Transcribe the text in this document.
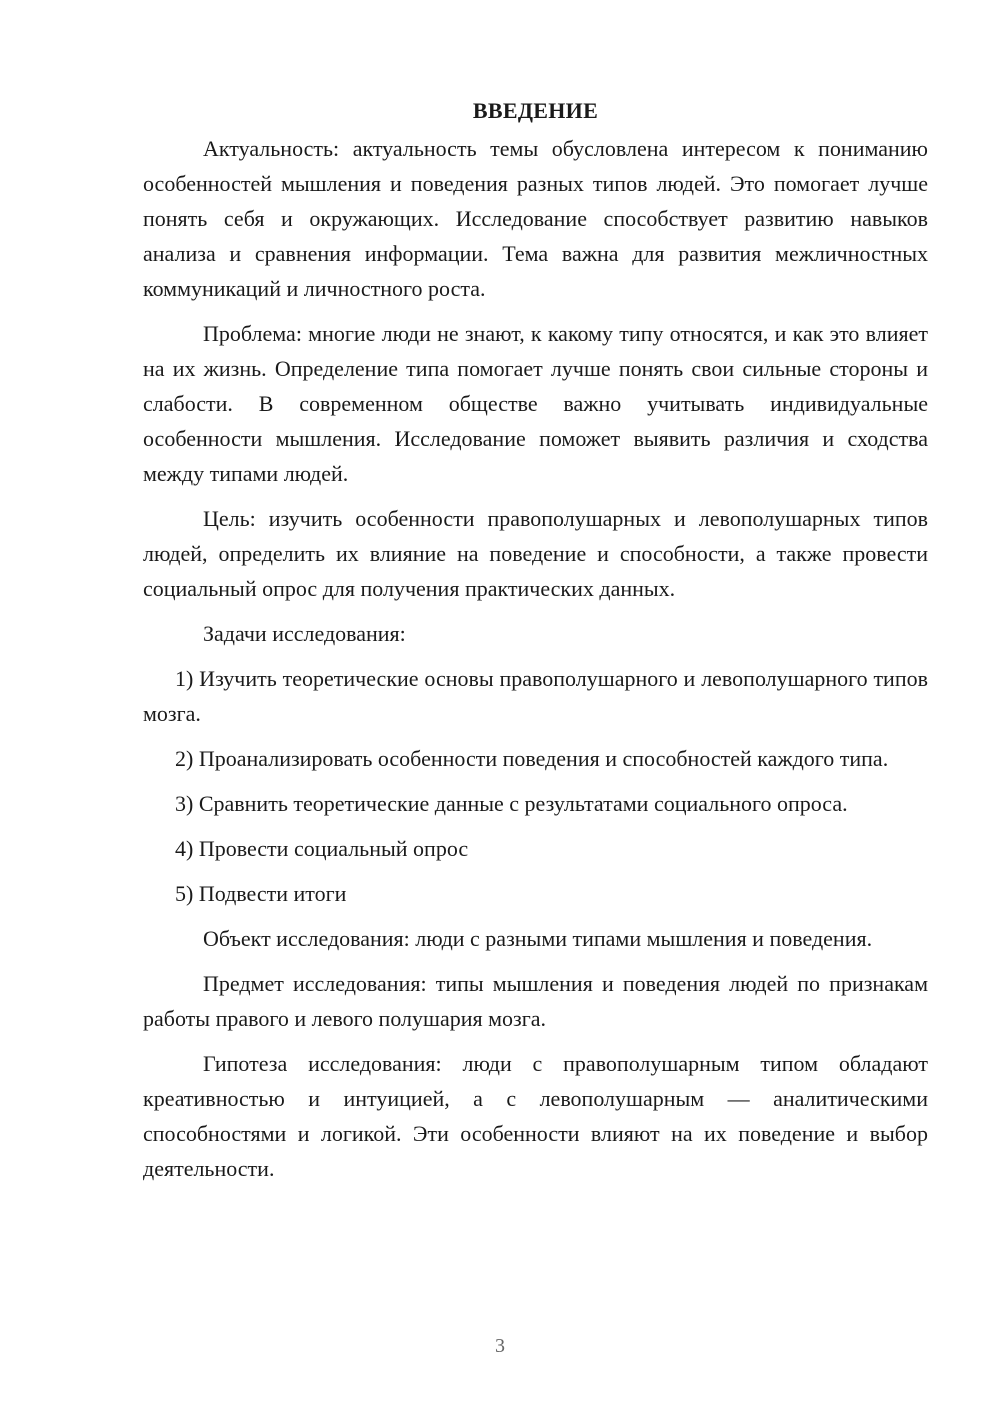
ВВЕДЕНИЕ

Актуальность: актуальность темы обусловлена интересом к пониманию особенностей мышления и поведения разных типов людей. Это помогает лучше понять себя и окружающих. Исследование способствует развитию навыков анализа и сравнения информации. Тема важна для развития межличностных коммуникаций и личностного роста.

Проблема: многие люди не знают, к какому типу относятся, и как это влияет на их жизнь. Определение типа помогает лучше понять свои сильные стороны и слабости. В современном обществе важно учитывать индивидуальные особенности мышления. Исследование поможет выявить различия и сходства между типами людей.

Цель: изучить особенности правополушарных и левополушарных типов людей, определить их влияние на поведение и способности, а также провести социальный опрос для получения практических данных.

Задачи исследования:

1) Изучить теоретические основы правополушарного и левополушарного типов мозга.

2) Проанализировать особенности поведения и способностей каждого типа.

3) Сравнить теоретические данные с результатами социального опроса.

4) Провести социальный опрос

5) Подвести итоги

Объект исследования: люди с разными типами мышления и поведения.

Предмет исследования: типы мышления и поведения людей по признакам работы правого и левого полушария мозга.

Гипотеза исследования: люди с правополушарным типом обладают креативностью и интуицией, а с левополушарным — аналитическими способностями и логикой. Эти особенности влияют на их поведение и выбор деятельности.

3
